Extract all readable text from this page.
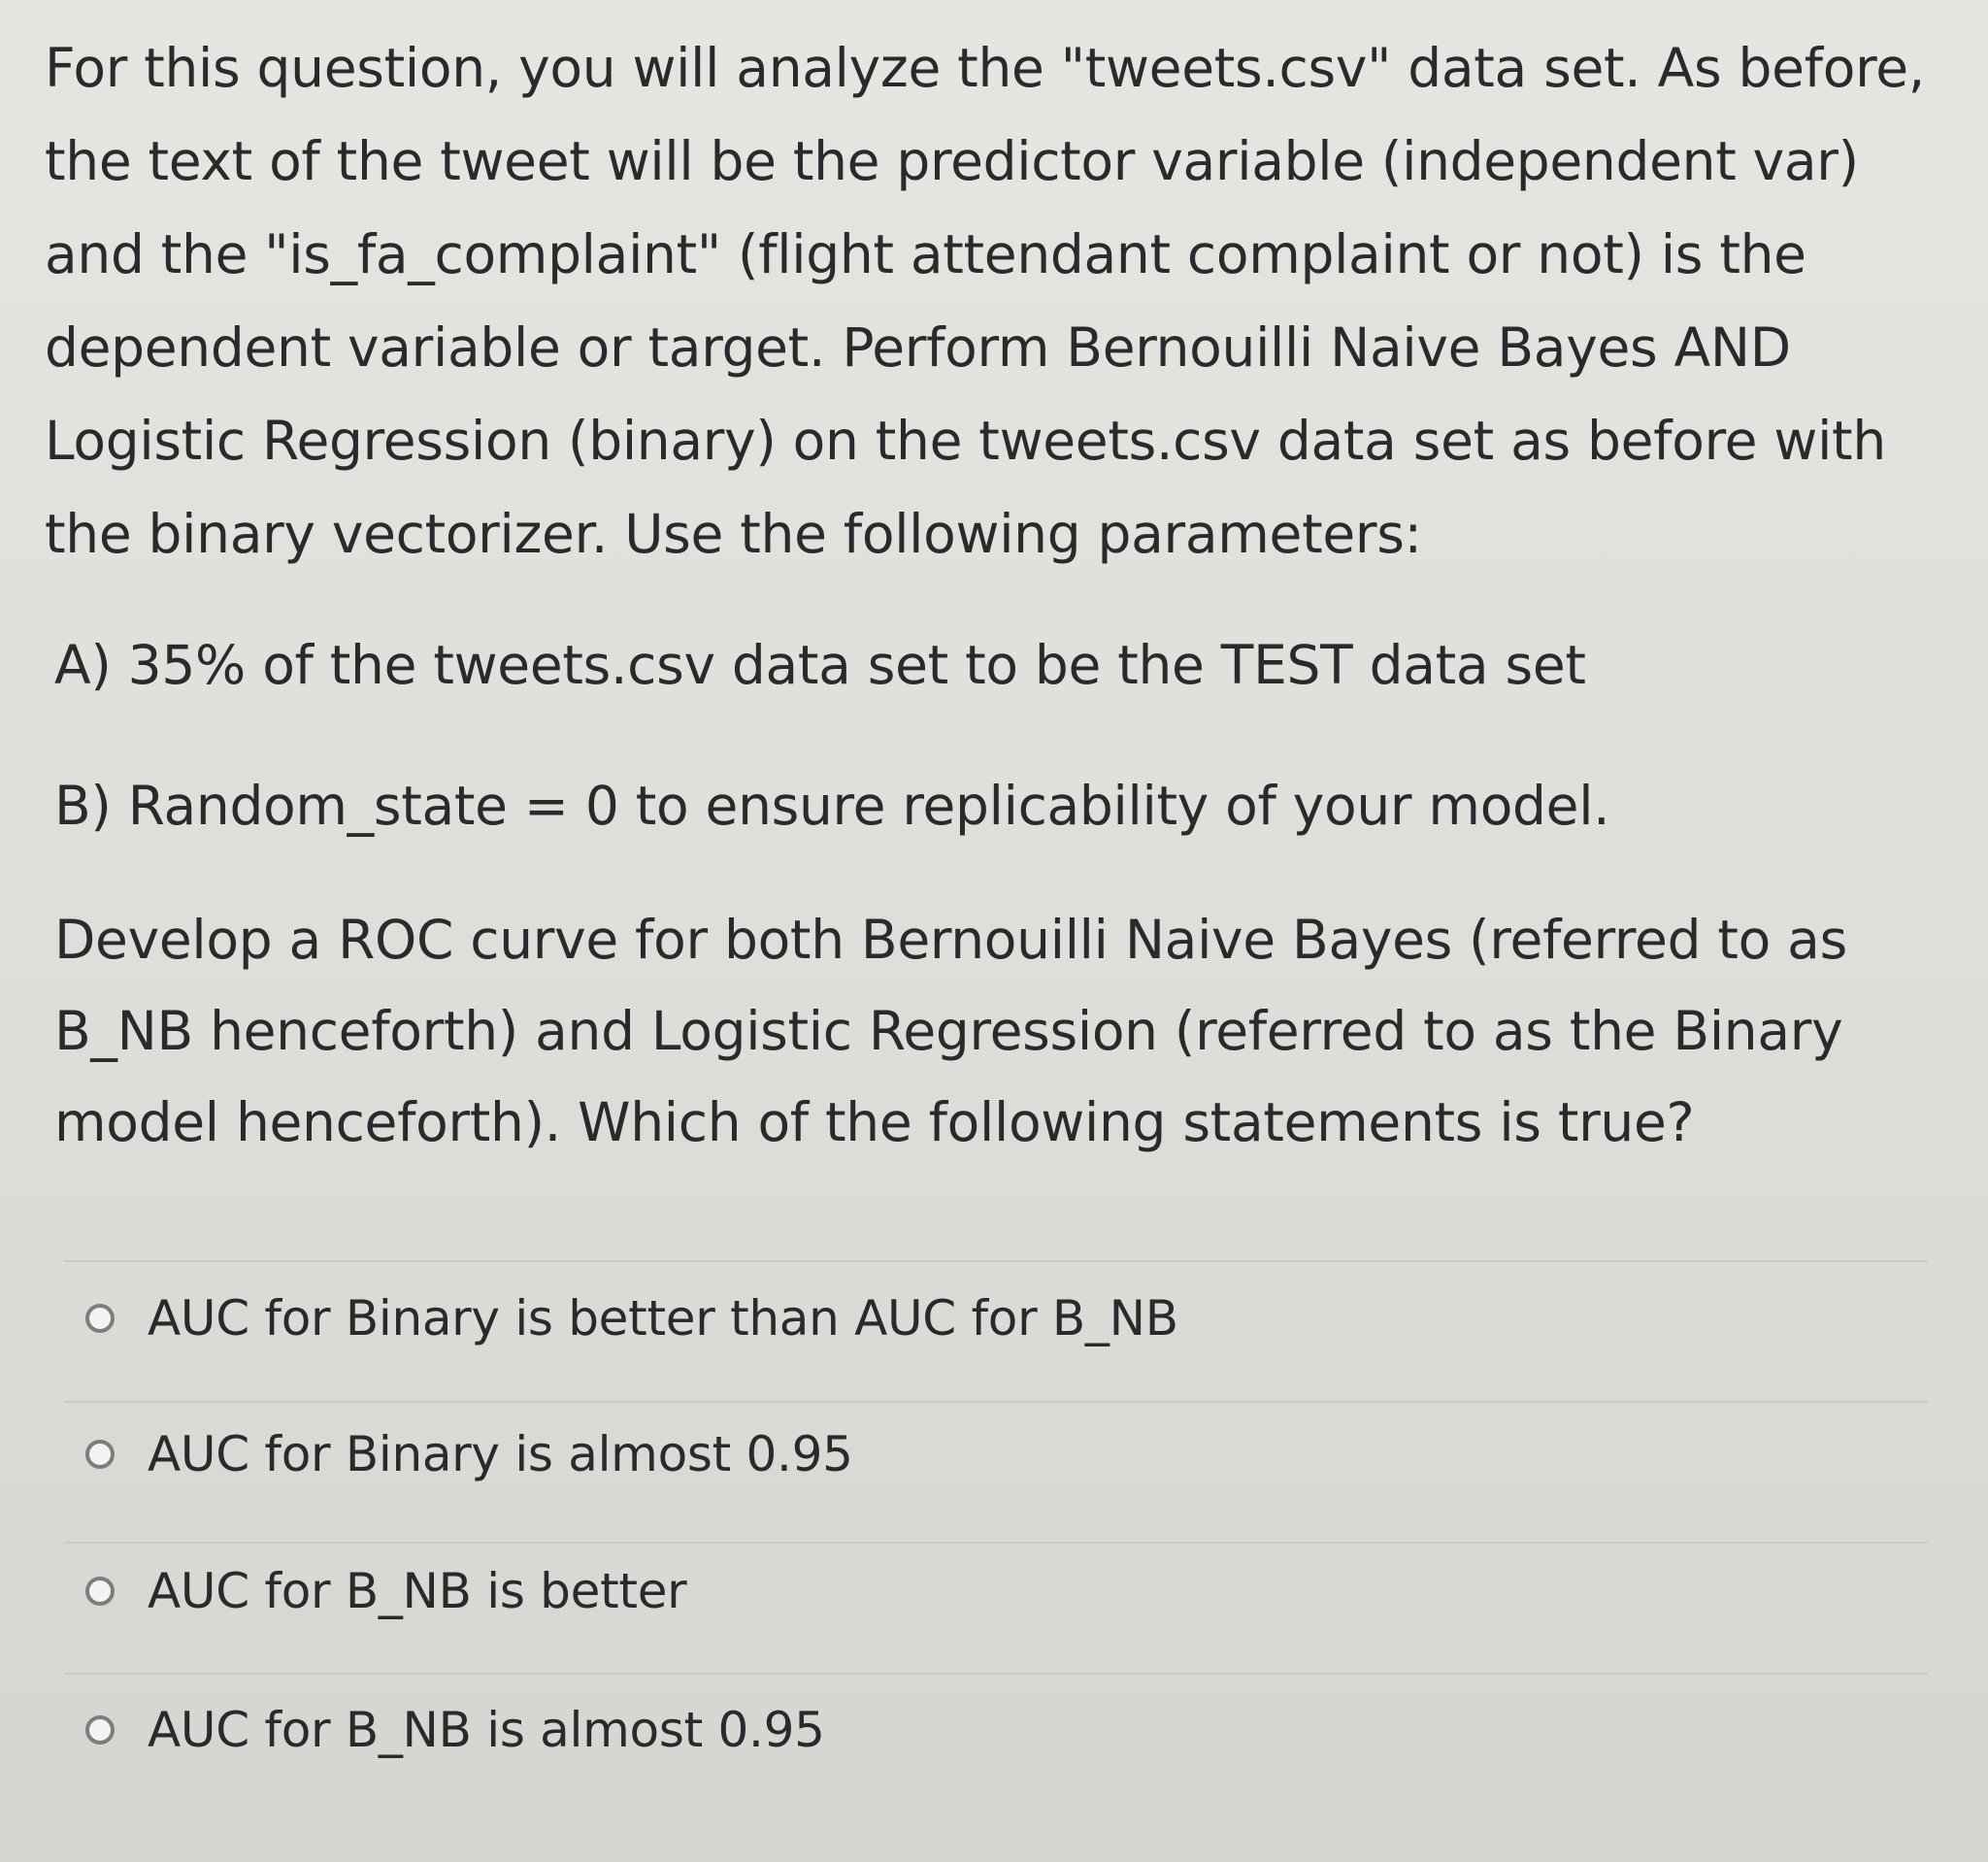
For this question, you will analyze the "tweets.csv" data set. As before,
the text of the tweet will be the predictor variable (independent var)
and the "is_fa_complaint" (flight attendant complaint or not) is the
dependent variable or target. Perform Bernouilli Naive Bayes AND
Logistic Regression (binary) on the tweets.csv data set as before with
the binary vectorizer. Use the following parameters:
A) 35% of the tweets.csv data set to be the TEST data set
B) Random_state = 0 to ensure replicability of your model.
Develop a ROC curve for both Bernouilli Naive Bayes (referred to as
B_NB henceforth) and Logistic Regression (referred to as the Binary
model henceforth). Which of the following statements is true?
AUC for Binary is better than AUC for B_NB
AUC for Binary is almost 0.95
AUC for B_NB is better
AUC for B_NB is almost 0.95
